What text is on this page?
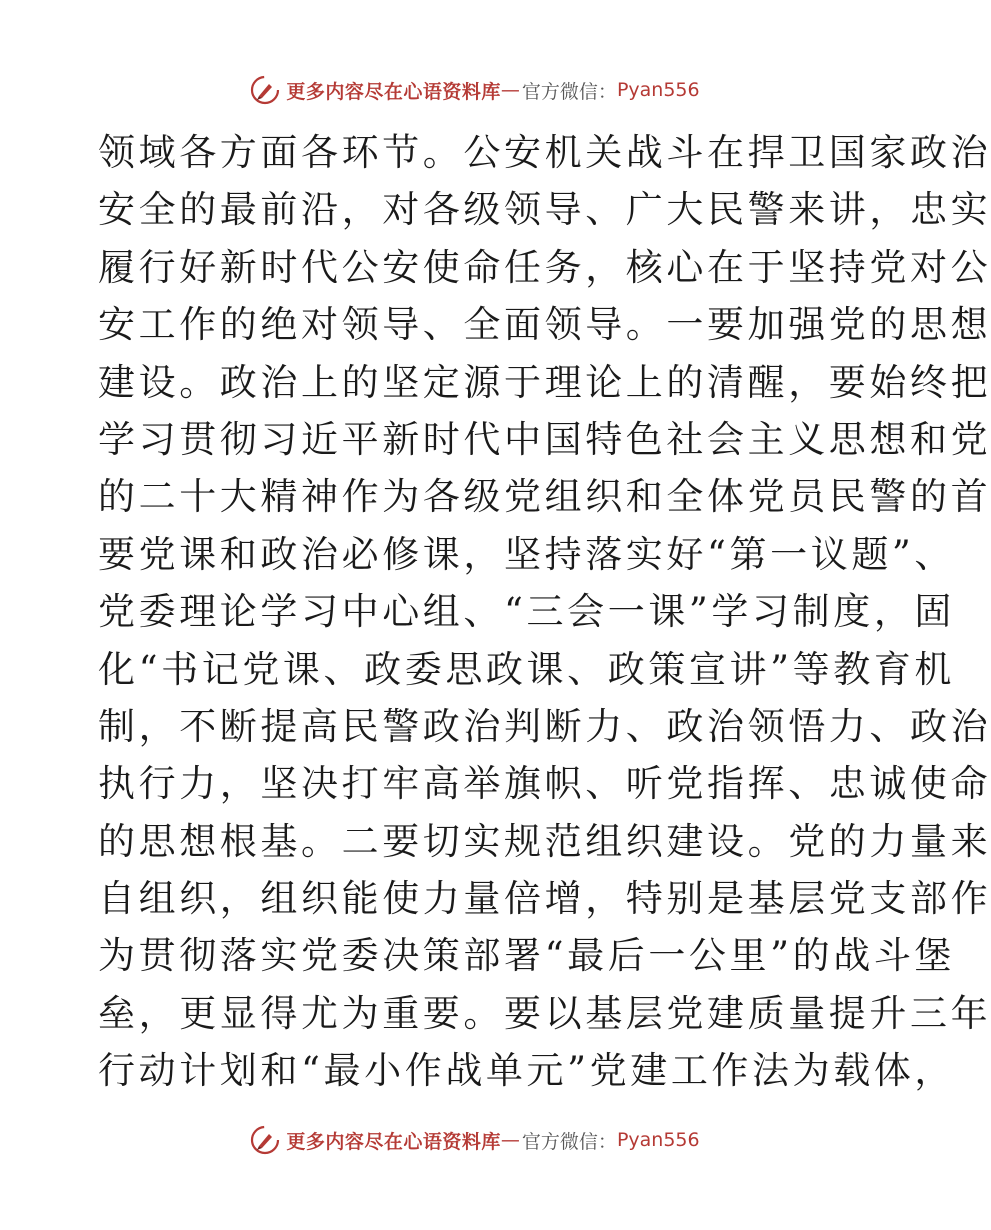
更多内容尽在心语资料库 — 官方微信： Pyan556
领域各方面各环节。公安机关战斗在捍卫国家政治
安全的最前沿，对各级领导、广大民警来讲，忠实
履行好新时代公安使命任务，核心在于坚持党对公
安工作的绝对领导、全面领导。一要加强党的思想
建设。政治上的坚定源于理论上的清醒，要始终把
学习贯彻习近平新时代中国特色社会主义思想和党
的二十大精神作为各级党组织和全体党员民警的首
要党课和政治必修课，坚持落实好“第一议题”、
党委理论学习中心组、“三会一课”学习制度，固
化“书记党课、政委思政课、政策宣讲”等教育机
制，不断提高民警政治判断力、政治领悟力、政治
执行力，坚决打牢高举旗帜、听党指挥、忠诚使命
的思想根基。二要切实规范组织建设。党的力量来
自组织，组织能使力量倍增，特别是基层党支部作
为贯彻落实党委决策部署“最后一公里”的战斗堡
垒，更显得尤为重要。要以基层党建质量提升三年
行动计划和“最小作战单元”党建工作法为载体，
更多内容尽在心语资料库 — 官方微信： Pyan556
